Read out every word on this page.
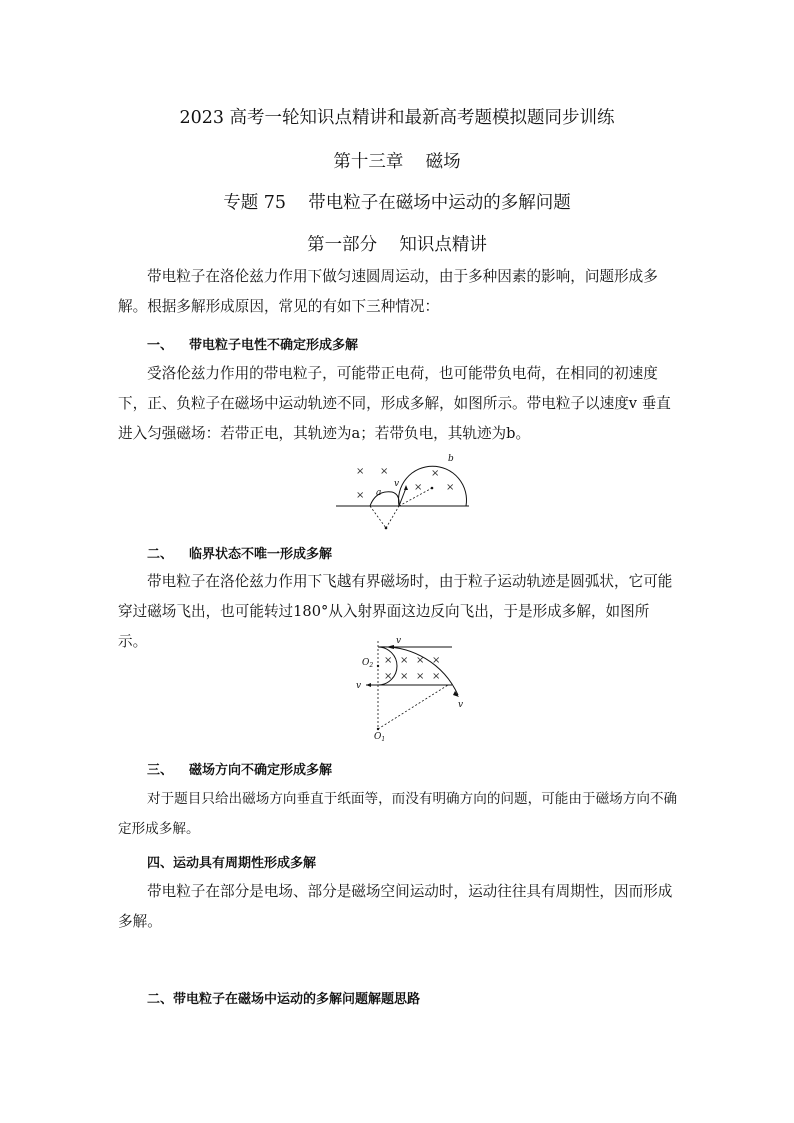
2023 高考一轮知识点精讲和最新高考题模拟题同步训练
第十三章    磁场
专题 75    带电粒子在磁场中运动的多解问题
第一部分    知识点精讲
带电粒子在洛伦兹力作用下做匀速圆周运动，由于多种因素的影响，问题形成多解。根据多解形成原因，常见的有如下三种情况：
一、 带电粒子电性不确定形成多解
受洛伦兹力作用的带电粒子，可能带正电荷，也可能带负电荷，在相同的初速度下，正、负粒子在磁场中运动轨迹不同，形成多解，如图所示。带电粒子以速度v 垂直进入匀强磁场：若带正电，其轨迹为a；若带负电，其轨迹为b。
× ×
×
× ×
×
a
b
v
二、 临界状态不唯一形成多解
带电粒子在洛伦兹力作用下飞越有界磁场时，由于粒子运动轨迹是圆弧状，它可能穿过磁场飞出，也可能转过180°从入射界面这边反向飞出，于是形成多解，如图所示。
× × × ×
× × × ×
v
v
v
$O_2$
$O_1$
三、 磁场方向不确定形成多解
对于题目只给出磁场方向垂直于纸面等，而没有明确方向的问题，可能由于磁场方向不确定形成多解。
四、运动具有周期性形成多解
带电粒子在部分是电场、部分是磁场空间运动时，运动往往具有周期性，因而形成多解。
二、带电粒子在磁场中运动的多解问题解题思路
